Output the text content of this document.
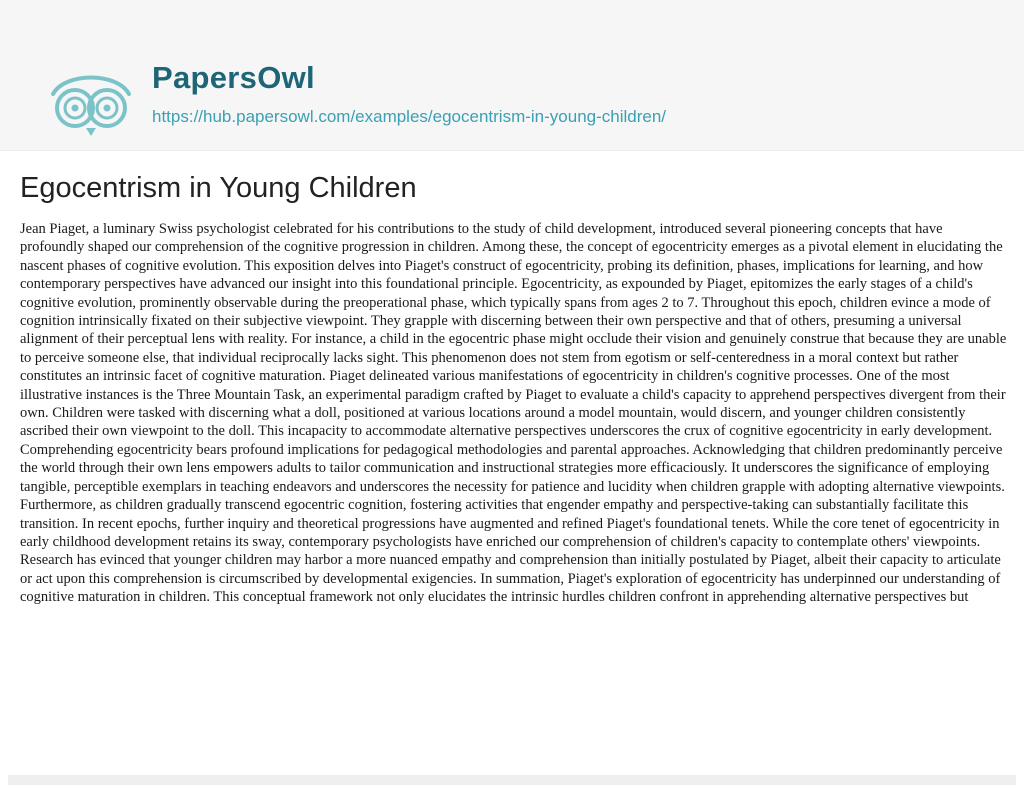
PapersOwl
https://hub.papersowl.com/examples/egocentrism-in-young-children/
Egocentrism in Young Children

Jean Piaget, a luminary Swiss psychologist celebrated for his contributions to the study of child development, introduced several pioneering concepts that have profoundly shaped our comprehension of the cognitive progression in children. Among these, the concept of egocentricity emerges as a pivotal element in elucidating the nascent phases of cognitive evolution. This exposition delves into Piaget's construct of egocentricity, probing its definition, phases, implications for learning, and how contemporary perspectives have advanced our insight into this foundational principle. Egocentricity, as expounded by Piaget, epitomizes the early stages of a child's cognitive evolution, prominently observable during the preoperational phase, which typically spans from ages 2 to 7. Throughout this epoch, children evince a mode of cognition intrinsically fixated on their subjective viewpoint. They grapple with discerning between their own perspective and that of others, presuming a universal alignment of their perceptual lens with reality. For instance, a child in the egocentric phase might occlude their vision and genuinely construe that because they are unable to perceive someone else, that individual reciprocally lacks sight. This phenomenon does not stem from egotism or self-centeredness in a moral context but rather constitutes an intrinsic facet of cognitive maturation. Piaget delineated various manifestations of egocentricity in children's cognitive processes. One of the most illustrative instances is the Three Mountain Task, an experimental paradigm crafted by Piaget to evaluate a child's capacity to apprehend perspectives divergent from their own. Children were tasked with discerning what a doll, positioned at various locations around a model mountain, would discern, and younger children consistently ascribed their own viewpoint to the doll. This incapacity to accommodate alternative perspectives underscores the crux of cognitive egocentricity in early development. Comprehending egocentricity bears profound implications for pedagogical methodologies and parental approaches. Acknowledging that children predominantly perceive the world through their own lens empowers adults to tailor communication and instructional strategies more efficaciously. It underscores the significance of employing tangible, perceptible exemplars in teaching endeavors and underscores the necessity for patience and lucidity when children grapple with adopting alternative viewpoints. Furthermore, as children gradually transcend egocentric cognition, fostering activities that engender empathy and perspective-taking can substantially facilitate this transition. In recent epochs, further inquiry and theoretical progressions have augmented and refined Piaget's foundational tenets. While the core tenet of egocentricity in early childhood development retains its sway, contemporary psychologists have enriched our comprehension of children's capacity to contemplate others' viewpoints. Research has evinced that younger children may harbor a more nuanced empathy and comprehension than initially postulated by Piaget, albeit their capacity to articulate or act upon this comprehension is circumscribed by developmental exigencies. In summation, Piaget's exploration of egocentricity has underpinned our understanding of cognitive maturation in children. This conceptual framework not only elucidates the intrinsic hurdles children confront in apprehending alternative perspectives but
